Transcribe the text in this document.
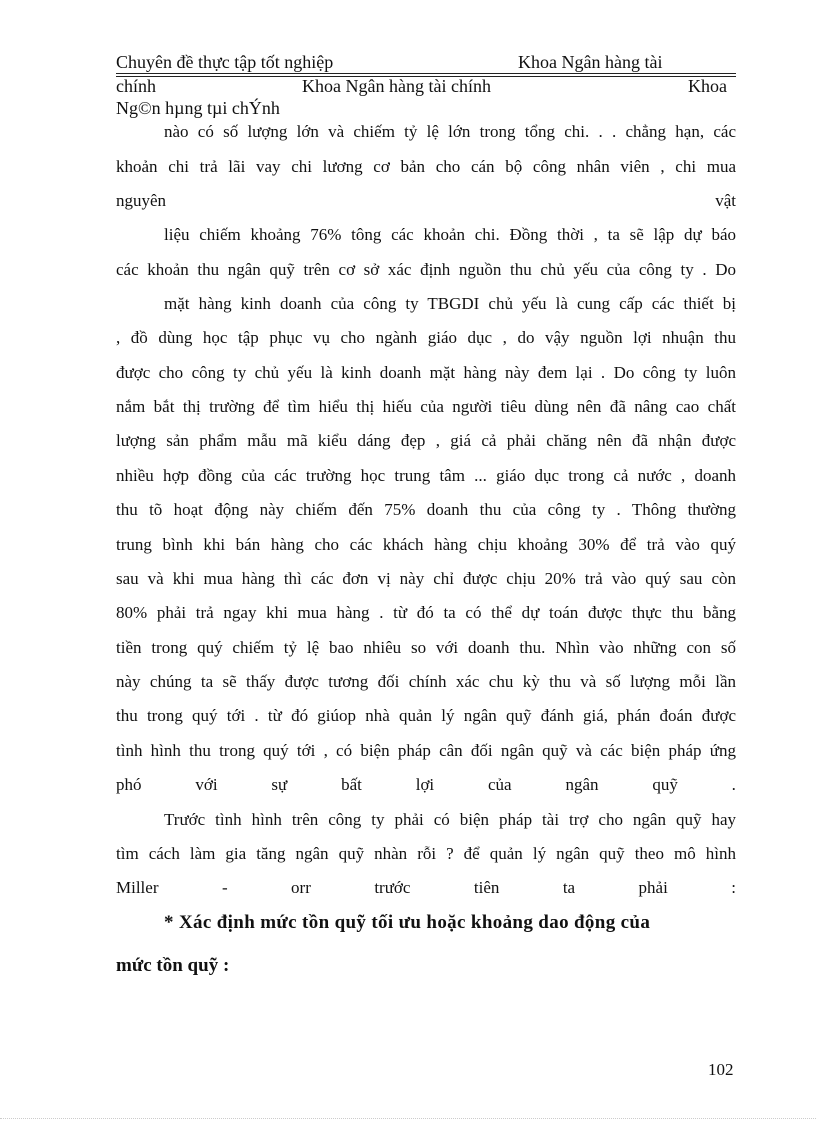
Chuyên đề thực tập tốt nghiệp	Khoa Ngân hàng tài
chính	Khoa Ngân hàng tài chính	Khoa
Ng©n hµng tµi chÝnh
nào có số lượng lớn và chiếm tỷ lệ lớn trong tổng chi. . . chẳng hạn, các
khoản chi trả lãi vay chi lương cơ bản cho cán bộ công nhân viên , chi mua
nguyên	vật
liệu chiếm khoảng 76% tông các khoản chi. Đồng thời , ta sẽ lập dự báo
các khoản thu ngân quỹ trên cơ sở xác định nguồn thu chủ yếu của công ty . Do
mặt hàng kinh doanh của công ty TBGDI chủ yếu là cung cấp các thiết bị
, đồ dùng học tập phục vụ cho ngành giáo dục , do vậy nguồn lợi nhuận thu
được cho công ty chủ yếu là kinh doanh mặt hàng này đem lại . Do công ty luôn
nắm bắt thị trường để tìm hiểu thị hiếu của người tiêu dùng nên đã nâng cao chất
lượng sản phẩm mẫu mã kiểu dáng đẹp , giá cả phải chăng nên đã nhận được
nhiều hợp đồng của các trường học trung tâm ... giáo dục trong cả nước , doanh
thu tõ hoạt động này chiếm đến 75% doanh thu của công ty . Thông thường
trung bình khi bán hàng cho các khách hàng chịu khoảng 30% để trả vào quý
sau và khi mua hàng thì các đơn vị này chỉ được chịu 20% trả vào quý sau còn
80% phải trả ngay khi mua hàng . từ đó ta có thể dự toán được thực thu bằng
tiền trong quý chiếm tỷ lệ bao nhiêu so với doanh thu. Nhìn vào những con số
này chúng ta sẽ thấy được tương đối chính xác chu kỳ thu và số lượng mỗi lần
thu trong quý tới . từ đó giúop nhà quản lý ngân quỹ đánh giá, phán đoán được
tình hình thu trong quý tới , có biện pháp cân đối ngân quỹ và các biện pháp ứng
phó	với	sự	bất	lợi	của	ngân	quỹ	.
Trước tình hình trên công ty phải có biện pháp tài trợ cho ngân quỹ hay
tìm cách làm gia tăng ngân quỹ nhàn rỗi ? để quản lý ngân quỹ theo mô hình
Miller	-	orr	trước	tiên	ta	phải	:
* Xác định mức tồn quỹ tối ưu hoặc khoảng dao động của
mức tồn quỹ :
102
